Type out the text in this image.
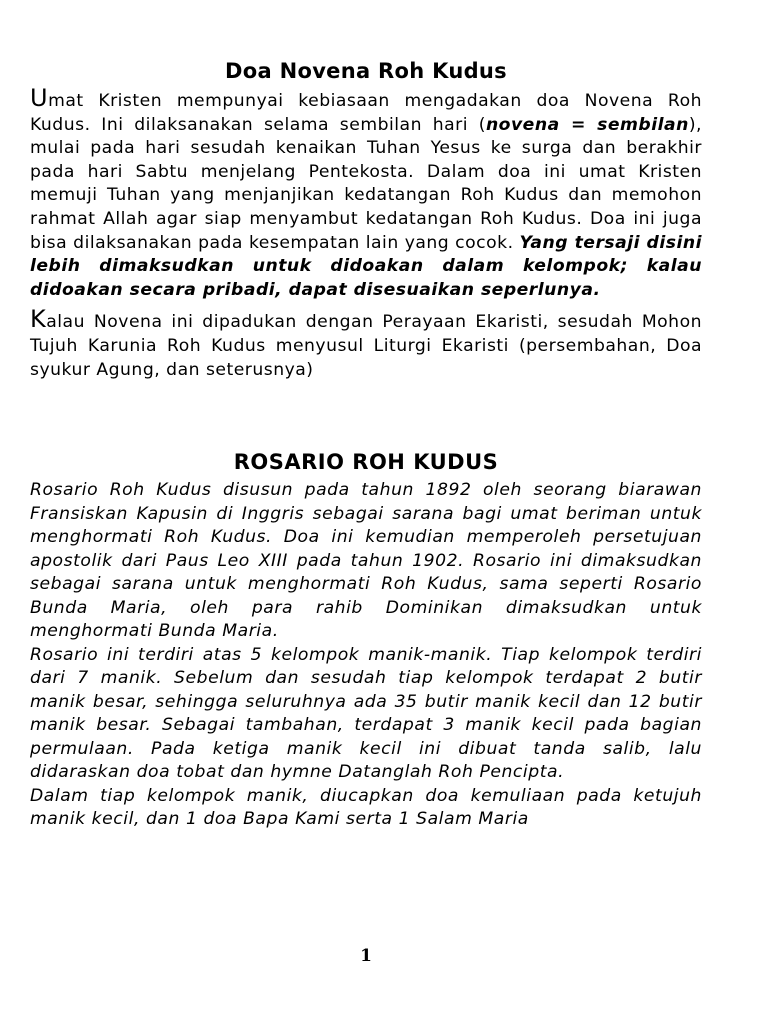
Doa Novena Roh Kudus

Umat Kristen mempunyai kebiasaan mengadakan doa Novena Roh Kudus. Ini dilaksanakan selama sembilan hari (novena = sembilan), mulai pada hari sesudah kenaikan Tuhan Yesus ke surga dan berakhir pada hari Sabtu menjelang Pentekosta. Dalam doa ini umat Kristen memuji Tuhan yang menjanjikan kedatangan Roh Kudus dan memohon rahmat Allah agar siap menyambut kedatangan Roh Kudus. Doa ini juga bisa dilaksanakan pada kesempatan lain yang cocok. Yang tersaji disini lebih dimaksudkan untuk didoakan dalam kelompok; kalau didoakan secara pribadi, dapat disesuaikan seperlunya.

Kalau Novena ini dipadukan dengan Perayaan Ekaristi, sesudah Mohon Tujuh Karunia Roh Kudus menyusul Liturgi Ekaristi (persembahan, Doa syukur Agung, dan seterusnya)

ROSARIO ROH KUDUS

Rosario Roh Kudus disusun pada tahun 1892 oleh seorang biarawan Fransiskan Kapusin di Inggris sebagai sarana bagi umat beriman untuk menghormati Roh Kudus. Doa ini kemudian memperoleh persetujuan apostolik dari Paus Leo XIII pada tahun 1902. Rosario ini dimaksudkan sebagai sarana untuk menghormati Roh Kudus, sama seperti Rosario Bunda Maria, oleh para rahib Dominikan dimaksudkan untuk menghormati Bunda Maria.

Rosario ini terdiri atas 5 kelompok manik-manik. Tiap kelompok terdiri dari 7 manik. Sebelum dan sesudah tiap kelompok terdapat 2 butir manik besar, sehingga seluruhnya ada 35 butir manik kecil dan 12 butir manik besar. Sebagai tambahan, terdapat 3 manik kecil pada bagian permulaan. Pada ketiga manik kecil ini dibuat tanda salib, lalu didaraskan doa tobat dan hymne Datanglah Roh Pencipta.

Dalam tiap kelompok manik, diucapkan doa kemuliaan pada ketujuh manik kecil, dan 1 doa Bapa Kami serta 1 Salam Maria

1
